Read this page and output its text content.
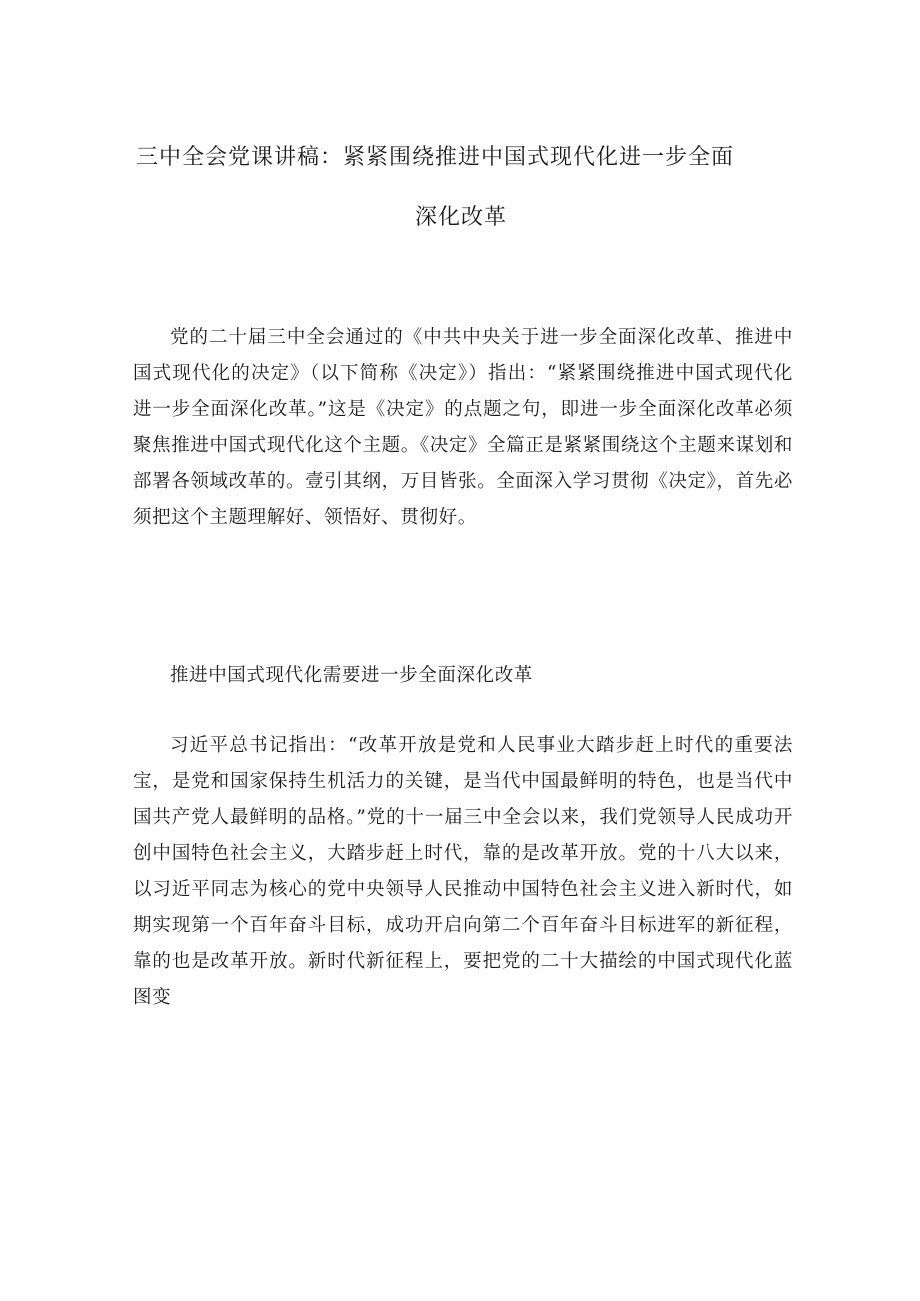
三中全会党课讲稿：紧紧围绕推进中国式现代化进一步全面
深化改革

党的二十届三中全会通过的《中共中央关于进一步全面深化改革、推进中国式现代化的决定》（以下简称《决定》）指出：“紧紧围绕推进中国式现代化进一步全面深化改革。”这是《决定》的点题之句，即进一步全面深化改革必须聚焦推进中国式现代化这个主题。《决定》全篇正是紧紧围绕这个主题来谋划和部署各领域改革的。壹引其纲，万目皆张。全面深入学习贯彻《决定》，首先必须把这个主题理解好、领悟好、贯彻好。

推进中国式现代化需要进一步全面深化改革

习近平总书记指出：“改革开放是党和人民事业大踏步赶上时代的重要法宝，是党和国家保持生机活力的关键，是当代中国最鲜明的特色，也是当代中国共产党人最鲜明的品格。”党的十一届三中全会以来，我们党领导人民成功开创中国特色社会主义，大踏步赶上时代，靠的是改革开放。党的十八大以来，以习近平同志为核心的党中央领导人民推动中国特色社会主义进入新时代，如期实现第一个百年奋斗目标，成功开启向第二个百年奋斗目标进军的新征程，靠的也是改革开放。新时代新征程上，要把党的二十大描绘的中国式现代化蓝图变
